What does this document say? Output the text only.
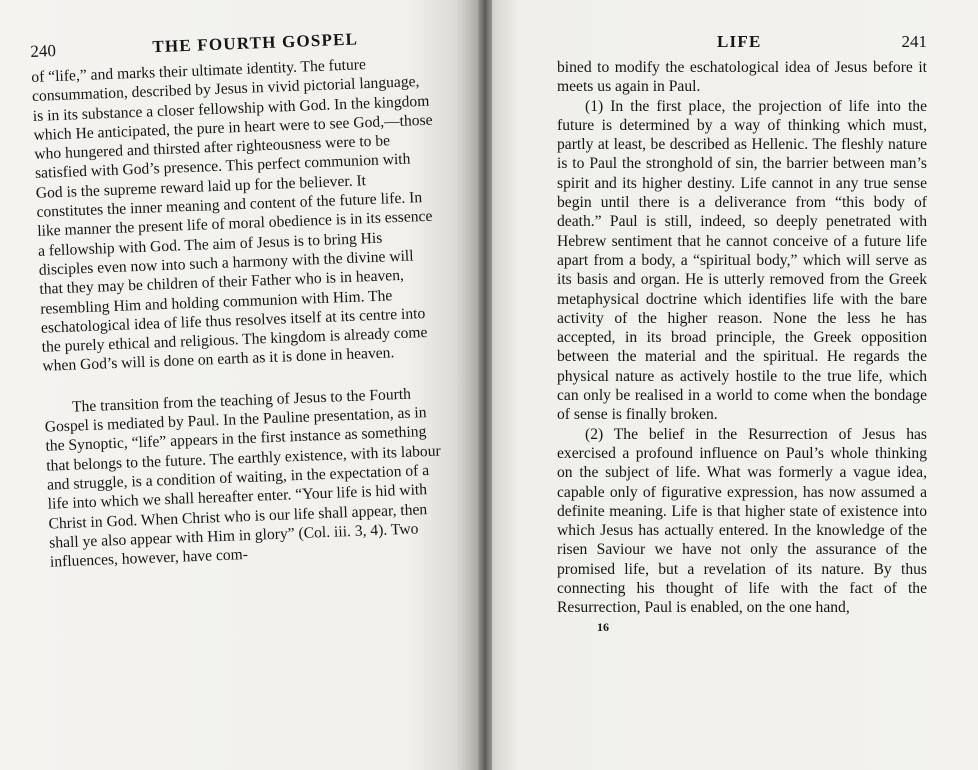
240	THE FOURTH GOSPEL

of “life,” and marks their ultimate identity. The future consummation, described by Jesus in vivid pictorial language, is in its substance a closer fellowship with God. In the kingdom which He anticipated, the pure in heart were to see God,—those who hungered and thirsted after righteousness were to be satisfied with God’s presence. This perfect communion with God is the supreme reward laid up for the believer. It constitutes the inner meaning and content of the future life. In like manner the present life of moral obedience is in its essence a fellowship with God. The aim of Jesus is to bring His disciples even now into such a harmony with the divine will that they may be children of their Father who is in heaven, resembling Him and holding communion with Him. The eschatological idea of life thus resolves itself at its centre into the purely ethical and religious. The kingdom is already come when God’s will is done on earth as it is done in heaven.

The transition from the teaching of Jesus to the Fourth Gospel is mediated by Paul. In the Pauline presentation, as in the Synoptic, “life” appears in the first instance as something that belongs to the future. The earthly existence, with its labour and struggle, is a condition of waiting, in the expectation of a life into which we shall hereafter enter. “Your life is hid with Christ in God. When Christ who is our life shall appear, then shall ye also appear with Him in glory” (Col. iii. 3, 4). Two influences, however, have com-

LIFE	241

bined to modify the eschatological idea of Jesus before it meets us again in Paul.

(1) In the first place, the projection of life into the future is determined by a way of thinking which must, partly at least, be described as Hellenic. The fleshly nature is to Paul the stronghold of sin, the barrier between man’s spirit and its higher destiny. Life cannot in any true sense begin until there is a deliverance from “this body of death.” Paul is still, indeed, so deeply penetrated with Hebrew sentiment that he cannot conceive of a future life apart from a body, a “spiritual body,” which will serve as its basis and organ. He is utterly removed from the Greek metaphysical doctrine which identifies life with the bare activity of the higher reason. None the less he has accepted, in its broad principle, the Greek opposition between the material and the spiritual. He regards the physical nature as actively hostile to the true life, which can only be realised in a world to come when the bondage of sense is finally broken.

(2) The belief in the Resurrection of Jesus has exercised a profound influence on Paul’s whole thinking on the subject of life. What was formerly a vague idea, capable only of figurative expression, has now assumed a definite meaning. Life is that higher state of existence into which Jesus has actually entered. In the knowledge of the risen Saviour we have not only the assurance of the promised life, but a revelation of its nature. By thus connecting his thought of life with the fact of the Resurrection, Paul is enabled, on the one hand,

16
